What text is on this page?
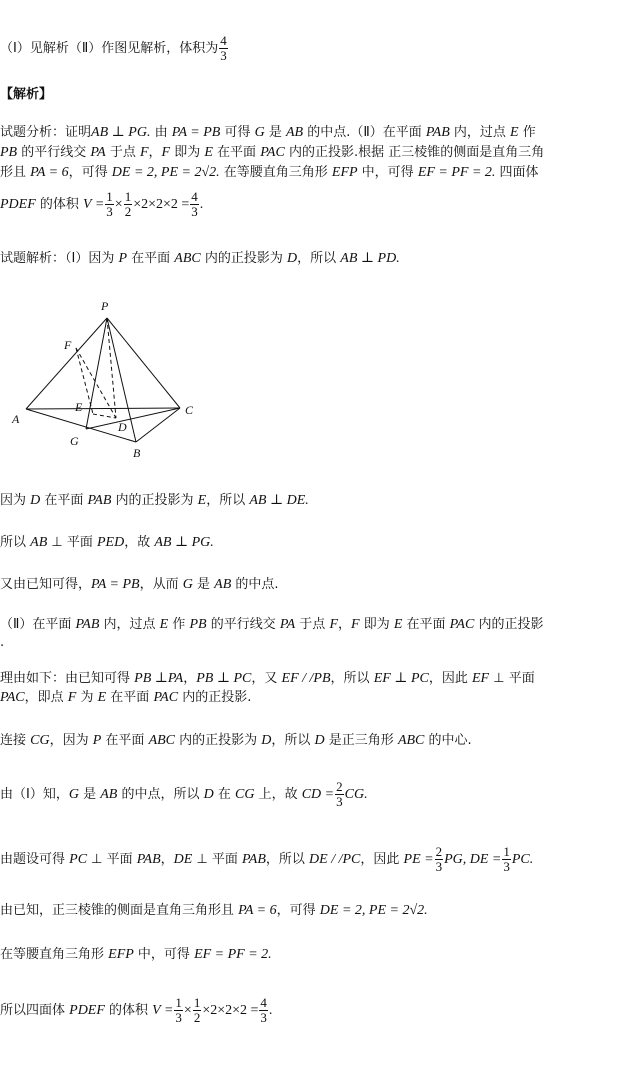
（Ⅰ）见解析（Ⅱ）作图见解析，体积为 $\frac{4}{3}$
【解析】
试题分析：证明AB ⊥ PG. 由 PA = PB 可得 G 是 AB 的中点.（Ⅱ）在平面 PAB 内，过点 E 作
PB 的平行线交 PA 于点 F，F 即为 E 在平面 PAC 内的正投影.根据 正三棱锥的侧面是直角三角
形且 PA = 6，可得 DE = 2, PE = 2√2. 在等腰直角三角形 EFP 中，可得 EF = PF = 2. 四面体
PDEF 的体积 $V = \frac{1}{3} \times \frac{1}{2} \times 2\times 2\times 2 = \frac{4}{3}$ .
试题解析：（Ⅰ）因为 P 在平面 ABC 内的正投影为 D，所以 AB ⊥ PD.
P
F
E
D
A
C
G
B
因为 D 在平面 PAB 内的正投影为 E，所以 AB ⊥ DE.
所以 AB ⊥ 平面 PED，故 AB ⊥ PG.
又由已知可得，PA = PB，从而 G 是 AB 的中点.
（Ⅱ）在平面 PAB 内，过点 E 作 PB 的平行线交 PA 于点 F，F 即为 E 在平面 PAC 内的正投影
.
理由如下：由已知可得 PB ⊥PA，PB ⊥ PC，又 EF / /PB，所以 EF ⊥ PC，因此 EF ⊥ 平面
PAC，即点 F 为 E 在平面 PAC 内的正投影.
连接 CG，因为 P 在平面 ABC 内的正投影为 D，所以 D 是正三角形 ABC 的中心.
由（Ⅰ）知，G 是 AB 的中点，所以 D 在 CG 上，故 CD = $\frac{2}{3}$ CG.
由题设可得 PC ⊥ 平面 PAB，DE ⊥ 平面 PAB，所以 DE / /PC，因此 PE = $\frac{2}{3}$ PG, DE = $\frac{1}{3}$ PC.
由已知，正三棱锥的侧面是直角三角形且 PA = 6，可得 DE = 2, PE = 2√2.
在等腰直角三角形 EFP 中，可得 EF = PF = 2.
所以四面体 PDEF 的体积 $V = \frac{1}{3} \times \frac{1}{2} \times 2\times 2\times 2 = \frac{4}{3}$ .
